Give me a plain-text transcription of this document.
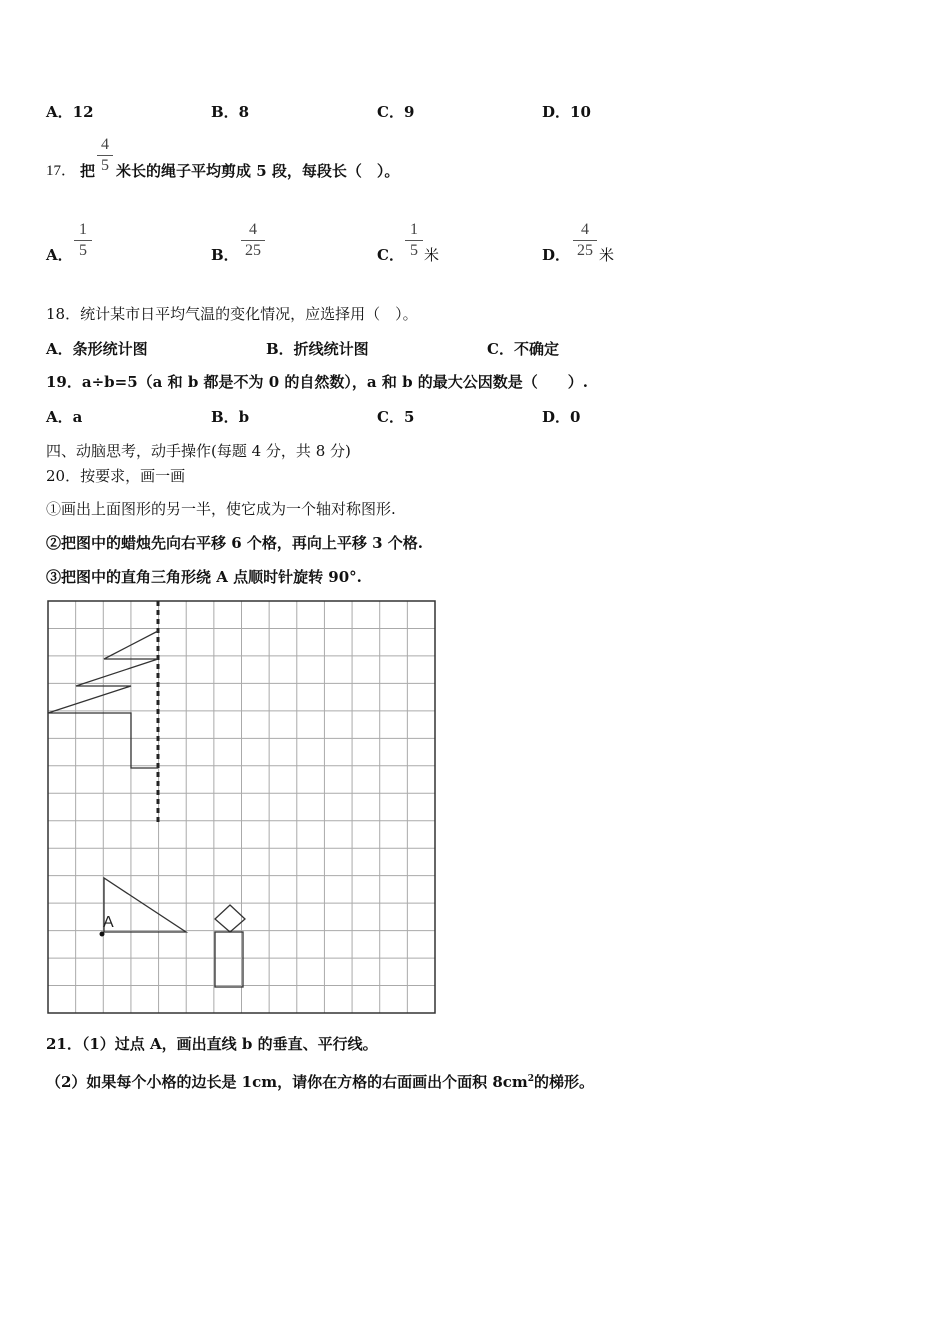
A．12	B．8	C．9	D．10
17． 把
4
5 米长的绳子平均剪成 5 段，每段长（　）。
A．
1
5	B．
4
25	C．
1
5 米	D．
4
25 米
18．统计某市日平均气温的变化情况，应选择用（　）。
A．条形统计图	B．折线统计图	C．不确定
19．a÷b=5（a 和 b 都是不为 0 的自然数），a 和 b 的最大公因数是（　　）.
A．a	B．b	C．5	D．0
四、动脑思考，动手操作(每题 4 分，共 8 分)
20．按要求，画一画
①画出上面图形的另一半，使它成为一个轴对称图形.
②把图中的蜡烛先向右平移 6 个格，再向上平移 3 个格.
③把图中的直角三角形绕 A 点顺时针旋转 90°.
A
21．（1）过点 A，画出直线 b 的垂直、平行线。
（2）如果每个小格的边长是 1cm，请你在方格的右面画出个面积 $8cm^2$的梯形。
